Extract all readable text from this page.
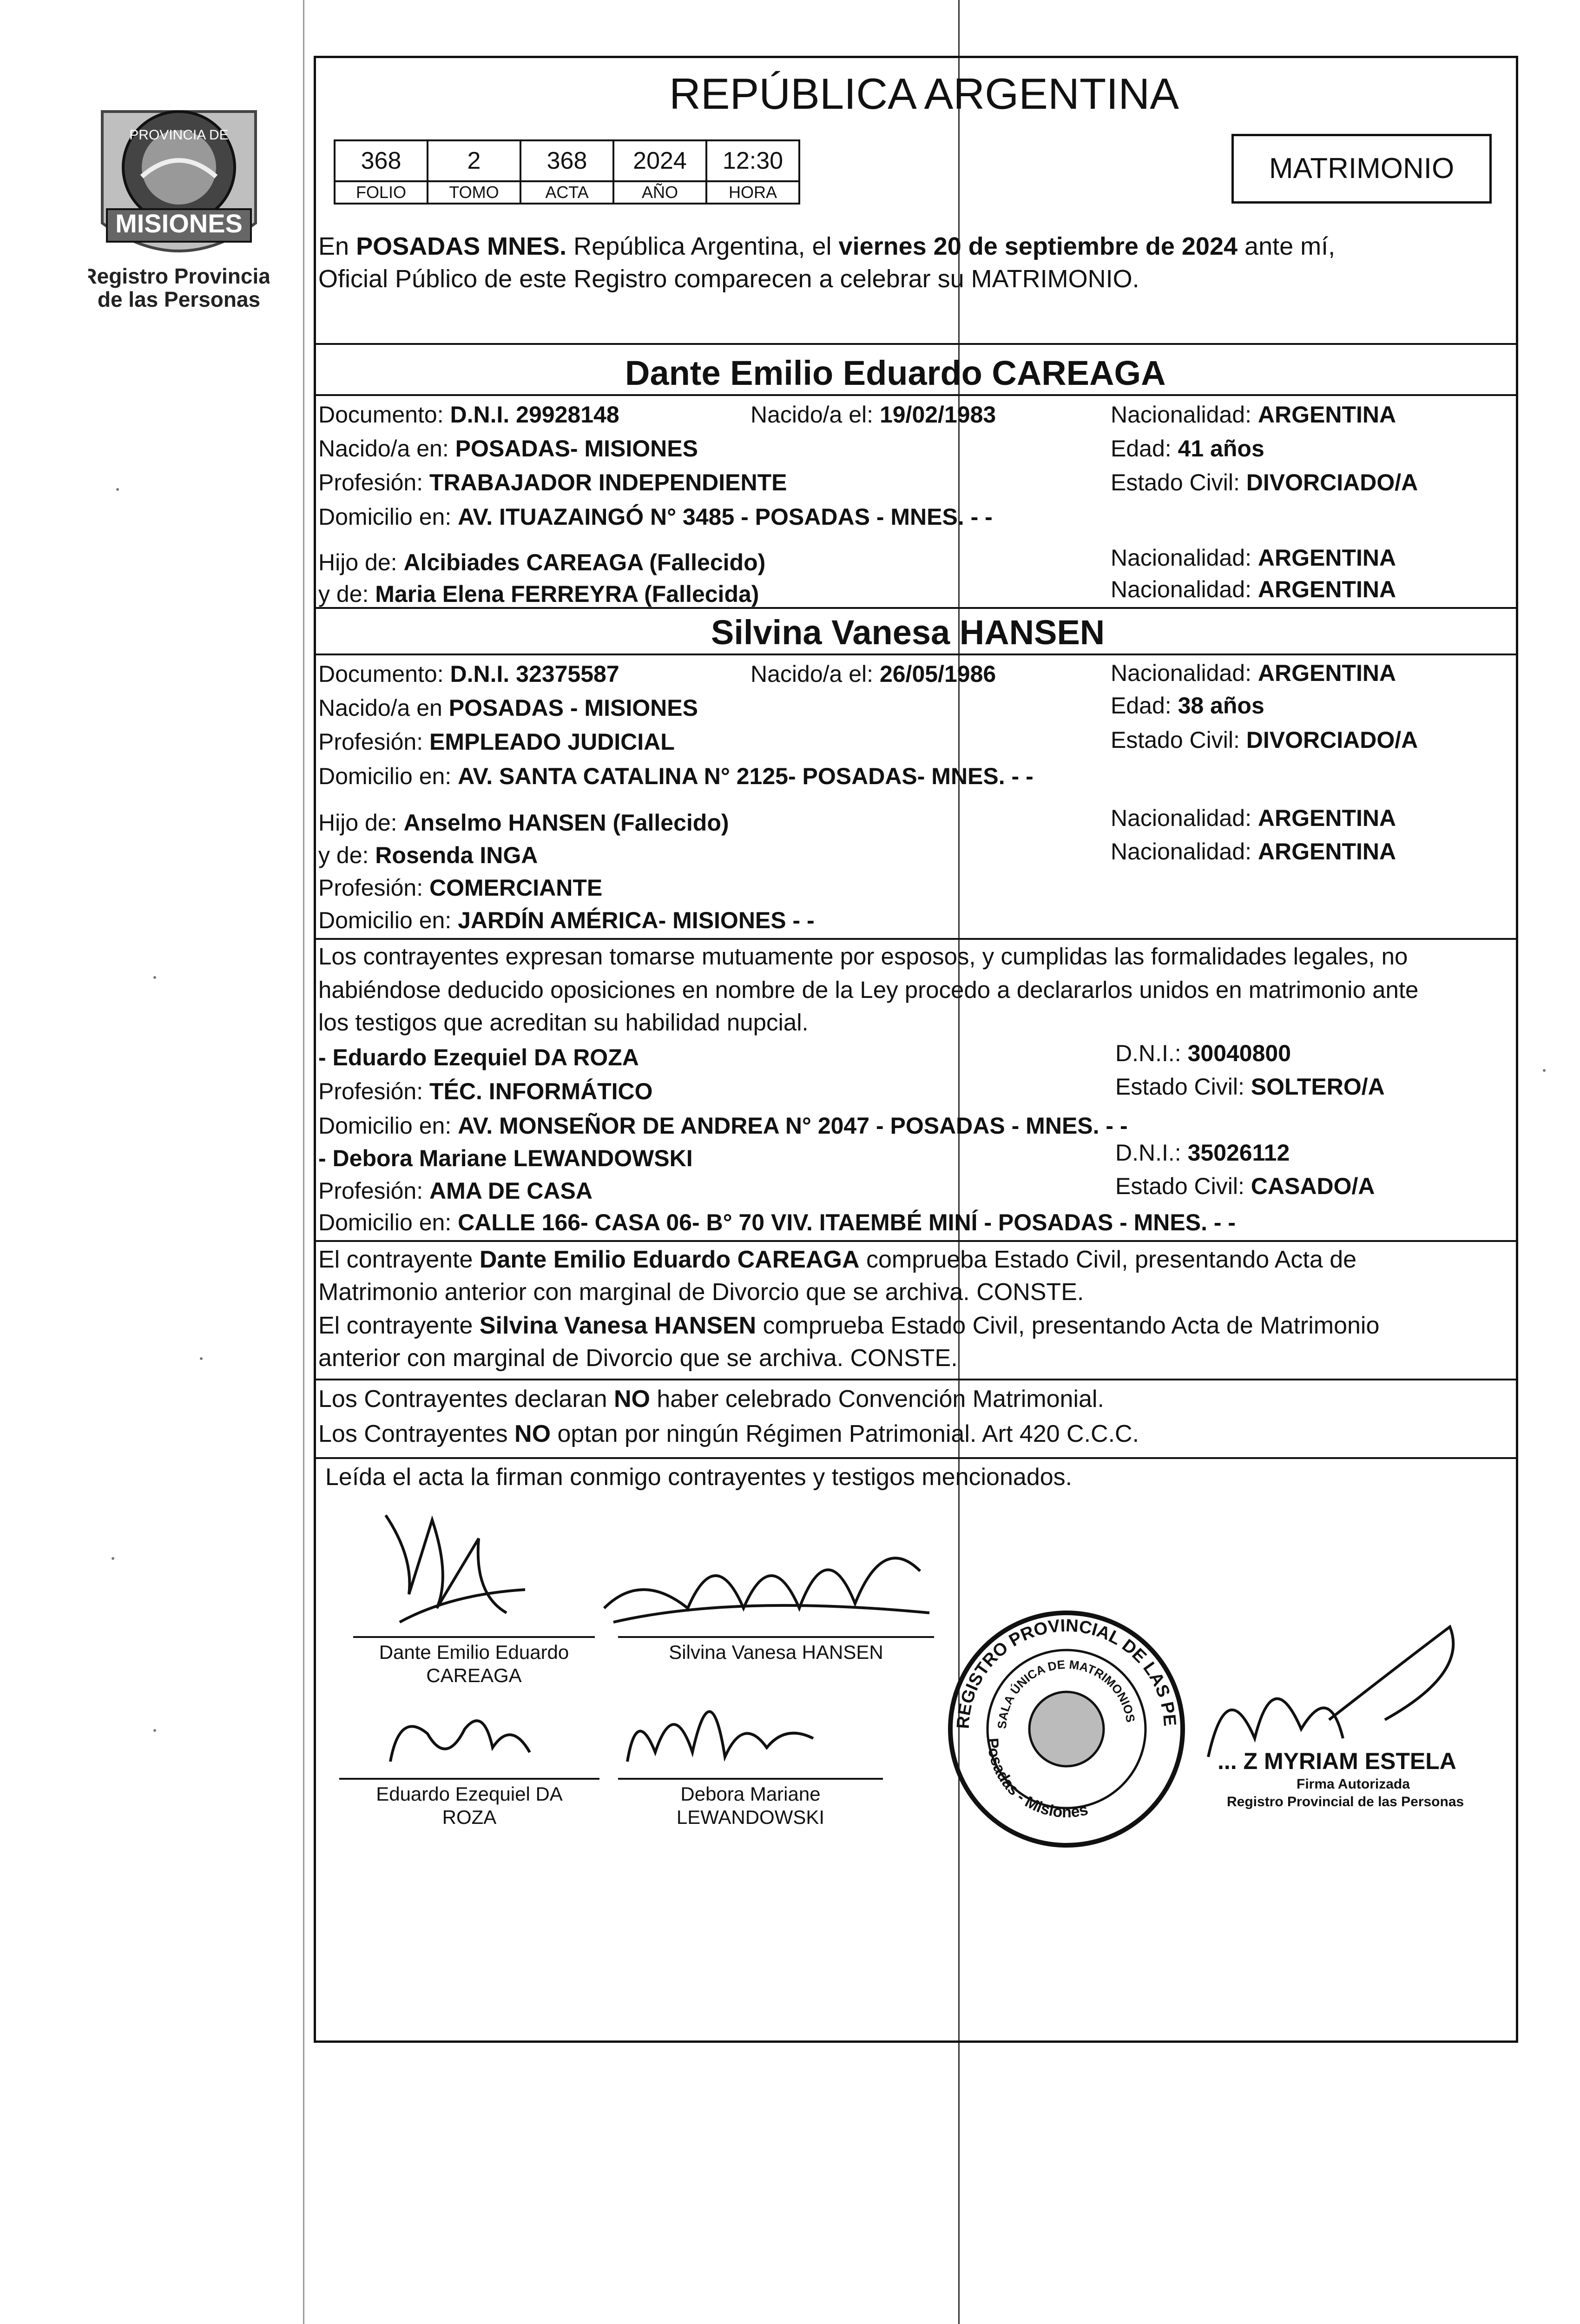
PROVINCIA DE
MISIONES
Registro Provincial
de las Personas
REPÚBLICA ARGENTINA
368	2	368	2024	12:30
FOLIO	TOMO	ACTA	AÑO	HORA
MATRIMONIO
En POSADAS MNES. República Argentina, el viernes 20 de septiembre de 2024 ante mí,
Oficial Público de este Registro comparecen a celebrar su MATRIMONIO.
Dante Emilio Eduardo CAREAGA
Documento: D.N.I. 29928148	Nacido/a el: 19/02/1983	Nacionalidad: ARGENTINA
Nacido/a en: POSADAS- MISIONES	Edad: 41 años
Profesión: TRABAJADOR INDEPENDIENTE	Estado Civil: DIVORCIADO/A
Domicilio en: AV. ITUAZAINGÓ N° 3485 - POSADAS - MNES. - -
Hijo de: Alcibiades CAREAGA (Fallecido)	Nacionalidad: ARGENTINA
y de: Maria Elena FERREYRA (Fallecida)	Nacionalidad: ARGENTINA
Silvina Vanesa HANSEN
Documento: D.N.I. 32375587	Nacido/a el: 26/05/1986	Nacionalidad: ARGENTINA
Nacido/a en POSADAS - MISIONES	Edad: 38 años
Profesión: EMPLEADO JUDICIAL	Estado Civil: DIVORCIADO/A
Domicilio en: AV. SANTA CATALINA N° 2125- POSADAS- MNES. - -
Hijo de: Anselmo HANSEN (Fallecido)	Nacionalidad: ARGENTINA
y de: Rosenda INGA	Nacionalidad: ARGENTINA
Profesión: COMERCIANTE
Domicilio en: JARDÍN AMÉRICA- MISIONES - -
Los contrayentes expresan tomarse mutuamente por esposos, y cumplidas las formalidades legales, no
habiéndose deducido oposiciones en nombre de la Ley procedo a declararlos unidos en matrimonio ante
los testigos que acreditan su habilidad nupcial.
- Eduardo Ezequiel DA ROZA	D.N.I.: 30040800
Profesión: TÉC. INFORMÁTICO	Estado Civil: SOLTERO/A
Domicilio en: AV. MONSEÑOR DE ANDREA N° 2047 - POSADAS - MNES. - -
- Debora Mariane LEWANDOWSKI	D.N.I.: 35026112
Profesión: AMA DE CASA	Estado Civil: CASADO/A
Domicilio en: CALLE 166- CASA 06- B° 70 VIV. ITAEMBÉ MINÍ - POSADAS - MNES. - -
El contrayente Dante Emilio Eduardo CAREAGA comprueba Estado Civil, presentando Acta de
Matrimonio anterior con marginal de Divorcio que se archiva. CONSTE.
El contrayente Silvina Vanesa HANSEN comprueba Estado Civil, presentando Acta de Matrimonio
anterior con marginal de Divorcio que se archiva. CONSTE.
Los Contrayentes declaran NO haber celebrado Convención Matrimonial.
Los Contrayentes NO optan por ningún Régimen Patrimonial. Art 420 C.C.C.
Leída el acta la firman conmigo contrayentes y testigos mencionados.
Dante Emilio Eduardo
CAREAGA
Silvina Vanesa HANSEN
Eduardo Ezequiel DA
ROZA
Debora Mariane
LEWANDOWSKI
REGISTRO PROVINCIAL DE LAS PE
SALA ÚNICA DE MATRIMONIOS
Posadas - Misiones
... Z MYRIAM ESTELA
Firma Autorizada
Registro Provincial de las Personas
